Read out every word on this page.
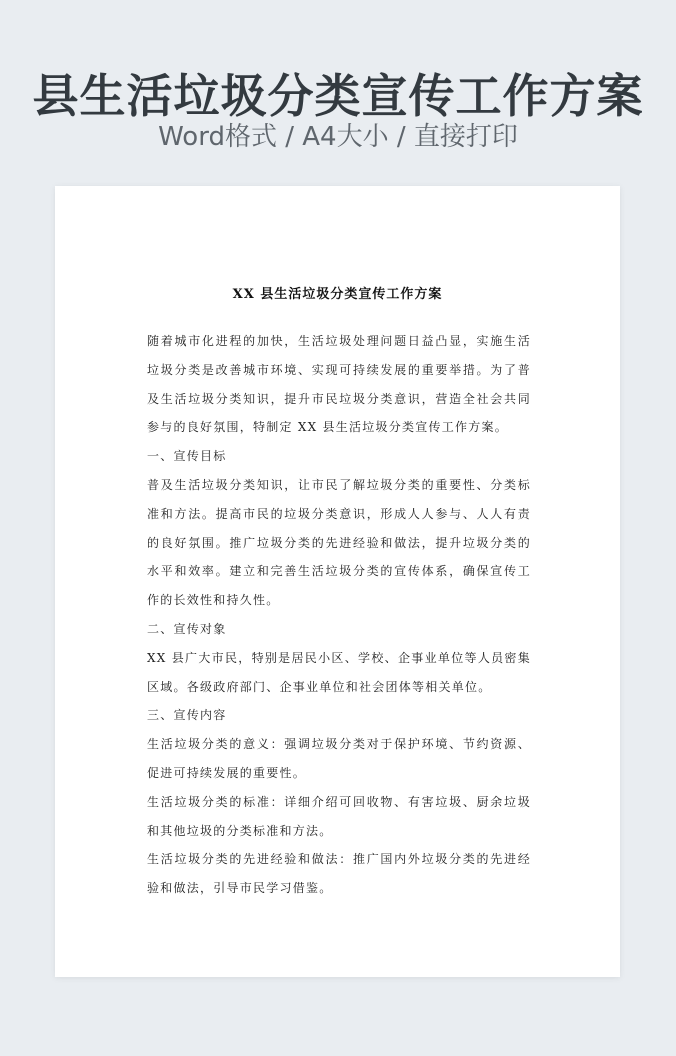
县生活垃圾分类宣传工作方案
Word格式 / A4大小 / 直接打印
XX 县生活垃圾分类宣传工作方案

随着城市化进程的加快，生活垃圾处理问题日益凸显，实施生活垃圾分类是改善城市环境、实现可持续发展的重要举措。为了普及生活垃圾分类知识，提升市民垃圾分类意识，营造全社会共同参与的良好氛围，特制定 XX 县生活垃圾分类宣传工作方案。

一、宣传目标

普及生活垃圾分类知识，让市民了解垃圾分类的重要性、分类标准和方法。提高市民的垃圾分类意识，形成人人参与、人人有责的良好氛围。推广垃圾分类的先进经验和做法，提升垃圾分类的水平和效率。建立和完善生活垃圾分类的宣传体系，确保宣传工作的长效性和持久性。

二、宣传对象

XX 县广大市民，特别是居民小区、学校、企事业单位等人员密集区域。各级政府部门、企事业单位和社会团体等相关单位。

三、宣传内容

生活垃圾分类的意义：强调垃圾分类对于保护环境、节约资源、促进可持续发展的重要性。

生活垃圾分类的标准：详细介绍可回收物、有害垃圾、厨余垃圾和其他垃圾的分类标准和方法。

生活垃圾分类的先进经验和做法：推广国内外垃圾分类的先进经验和做法，引导市民学习借鉴。
